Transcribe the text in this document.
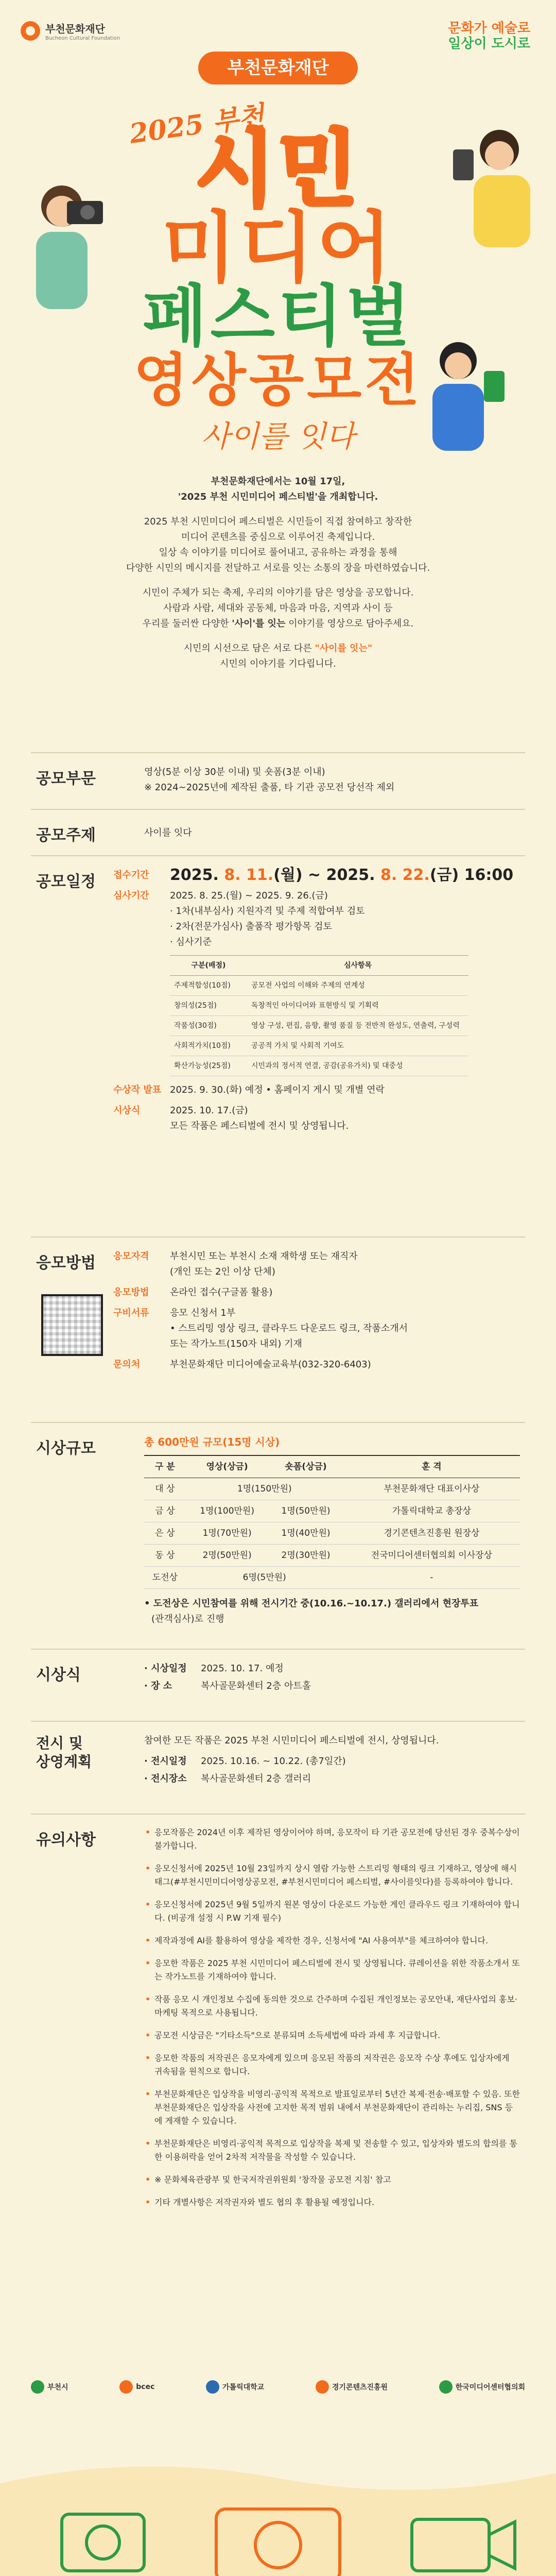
부천문화재단
Bucheon Cultural Foundation
문화가 예술로
일상이 도시로
부천문화재단
2025 부천
시민
미디어
페스티벌
영상공모전
사이를 잇다

부천문화재단에서는 10월 17일,
'2025 부천 시민미디어 페스티벌'을 개최합니다.

2025 부천 시민미디어 페스티벌은 시민들이 직접 참여하고 창작한
미디어 콘텐츠를 중심으로 이루어진 축제입니다.
일상 속 이야기를 미디어로 풀어내고, 공유하는 과정을 통해
다양한 시민의 메시지를 전달하고 서로를 잇는 소통의 장을 마련하였습니다.

시민이 주체가 되는 축제, 우리의 이야기를 담은 영상을 공모합니다.
사람과 사람, 세대와 공동체, 마음과 마음, 지역과 사이 등
우리를 둘러싼 다양한 '사이'를 잇는 이야기를 영상으로 담아주세요.

시민의 시선으로 담은 서로 다른 "사이를 잇는"
시민의 이야기를 기다립니다.

공모부문	영상(5분 이상 30분 이내) 및 숏폼(3분 이내)
※ 2024~2025년에 제작된 출품, 타 기관 공모전 당선작 제외
공모주제	사이를 잇다
공모일정 접수기간	2025. 8. 11.(월) ~ 2025. 8. 22.(금) 16:00
심사기간	2025. 8. 25.(월) ~ 2025. 9. 26.(금)
· 1차(내부심사) 지원자격 및 주제 적합여부 검토
· 2차(전문가심사) 출품작 평가항목 검토
· 심사기준
구분(배점)	심사항목
주제적합성(10점)	공모전 사업의 이해와 주제의 연계성
창의성(25점)	독창적인 아이디어와 표현방식 및 기획력
작품성(30점)	영상 구성, 편집, 음향, 촬영 품질 등 전반적 완성도, 연출력, 구성력
사회적가치(10점)	공공적 가치 및 사회적 기여도
확산가능성(25점)	시민과의 정서적 연결, 공감(공유가치) 및 대중성
수상작 발표 2025. 9. 30.(화) 예정 • 홈페이지 게시 및 개별 연락
시상식	2025. 10. 17.(금)
모든 작품은 페스티벌에 전시 및 상영됩니다.
응모방법 응모자격	부천시민 또는 부천시 소재 재학생 또는 재직자
(개인 또는 2인 이상 단체)
응모방법	온라인 접수(구글폼 활용)
구비서류	응모 신청서 1부
• 스트리밍 영상 링크, 클라우드 다운로드 링크, 작품소개서
또는 작가노트(150자 내외) 기재
문의처	부천문화재단 미디어예술교육부(032-320-6403)
시상규모	총 600만원 규모(15명 시상)
구 분	영상(상금)	숏폼(상금)	훈 격
대 상	1명(150만원)		부천문화재단 대표이사상
금 상	1명(100만원)	1명(50만원)	가톨릭대학교 총장상
은 상	1명(70만원)	1명(40만원)	경기콘텐츠진흥원 원장상
동 상	2명(50만원)	2명(30만원)	전국미디어센터협의회 이사장상
도전상	6명(5만원)		-
• 도전상은 시민참여를 위해 전시기간 중(10.16.~10.17.) 갤러리에서 현장투표
(관객심사)로 진행
시상식	· 시상일정	2025. 10. 17. 예정
· 장 소	복사골문화센터 2층 아트홀
전시 및
상영계획
참여한 모든 작품은 2025 부천 시민미디어 페스티벌에 전시, 상영됩니다.
· 전시일정	2025. 10.16. ~ 10.22. (총7일간)
· 전시장소	복사골문화센터 2층 갤러리
유의사항	• 응모작품은 2024년 이후 제작된 영상이어야 하며, 응모작이 타 기관 공모전에 당선된 경우 중복수상이 불가합니다.
• 응모신청서에 2025년 10월 23일까지 상시 열람 가능한 스트리밍 형태의 링크 기재하고, 영상에 해시태그(#부천시민미디어영상공모전, #부천시민미디어 페스티벌, #사이를잇다)를 등록하여야 합니다.
• 응모신청서에 2025년 9월 5일까지 원본 영상이 다운로드 가능한 게인 클라우드 링크 기재하여야 합니다. (비공개 설정 시 P.W 기재 필수)
• 제작과정에 AI를 활용하여 영상을 제작한 경우, 신청서에 "AI 사용여부"를 체크하여야 합니다.
• 응모한 작품은 2025 부천 시민미디어 페스티벌에 전시 및 상영됩니다. 큐레이션을 위한 작품소개서 또는 작가노트를 기재하여야 합니다.
• 작품 응모 시 개인정보 수집에 동의한 것으로 간주하며 수집된 개인정보는 공모안내, 재단사업의 홍보·마케팅 목적으로 사용됩니다.
• 공모전 시상금은 "기타소득"으로 분류되며 소득세법에 따라 과세 후 지급합니다.
• 응모한 작품의 저작권은 응모자에게 있으며 응모된 작품의 저작권은 응모작 수상 후에도 입상자에게 귀속됨을 원칙으로 합니다.
• 부천문화재단은 입상작을 비영리·공익적 목적으로 발표일로부터 5년간 복제·전송·배포할 수 있음. 또한 부천문화재단은 입상작을 사전에 고지한 목적 범위 내에서 부천문화재단이 관리하는 누리집, SNS 등에 게재할 수 있습니다.
• 부천문화재단은 비영리·공익적 목적으로 입상작을 복제 및 전송할 수 있고, 입상자와 별도의 합의를 통한 이용허락을 얻어 2차적 저작물을 작성할 수 있습니다.
• ※ 문화체육관광부 및 한국저작권위원회 '창작물 공모전 지침' 참고
• 기타 개별사항은 저작권자와 별도 협의 후 활용될 예정입니다.
부천시	bcec	가톨릭대학교	경기콘텐츠진흥원	한국미디어센터협의회
